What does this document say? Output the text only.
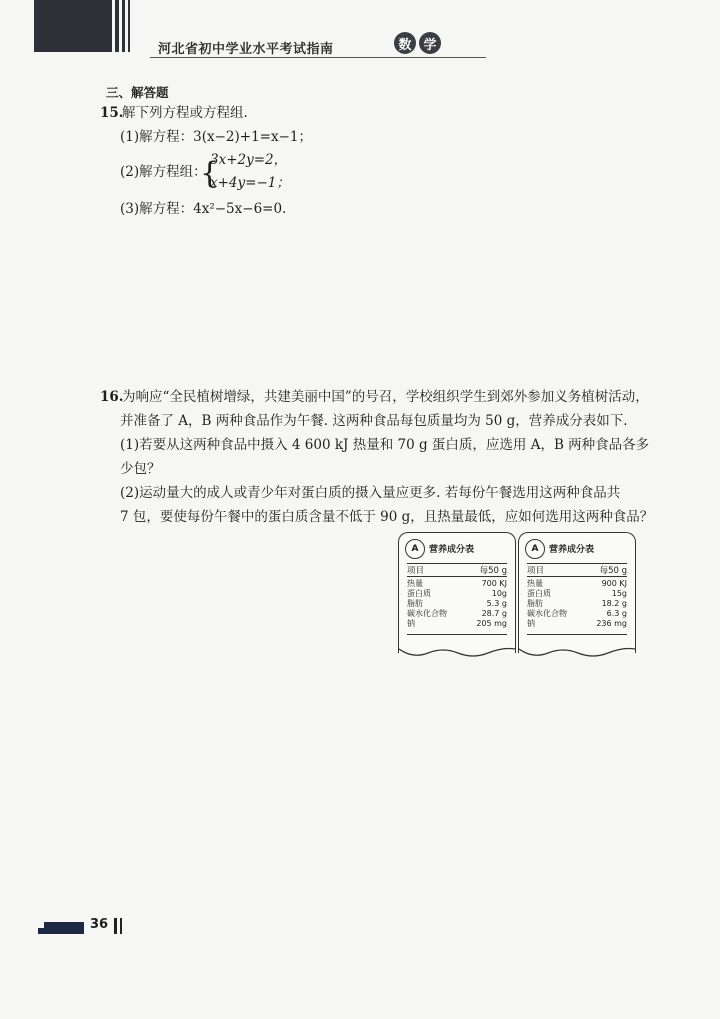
河北省初中学业水平考试指南	数 学
三、解答题
15.
解下列方程或方程组.
(1)解方程：3(x−2)+1=x−1；
(2)解方程组：
{
3x+2y=2，
x+4y=−1；
(3)解方程：4x²−5x−6=0.
16.
为响应“全民植树增绿，共建美丽中国”的号召，学校组织学生到郊外参加义务植树活动，
并准备了 A，B 两种食品作为午餐. 这两种食品每包质量均为 50 g，营养成分表如下.
(1)若要从这两种食品中摄入 4 600 kJ 热量和 70 g 蛋白质，应选用 A，B 两种食品各多
少包？
(2)运动量大的成人或青少年对蛋白质的摄入量应更多. 若每份午餐选用这两种食品共
7 包，要使每份午餐中的蛋白质含量不低于 90 g，且热量最低，应如何选用这两种食品？
A	营养成分表
项目	每50 g
热量	700 KJ
蛋白质	10g
脂肪	5.3 g
碳水化合物	28.7 g
钠	205 mg
A	营养成分表
项目	每50 g
热量	900 KJ
蛋白质	15g
脂肪	18.2 g
碳水化合物	6.3 g
钠	236 mg
36
